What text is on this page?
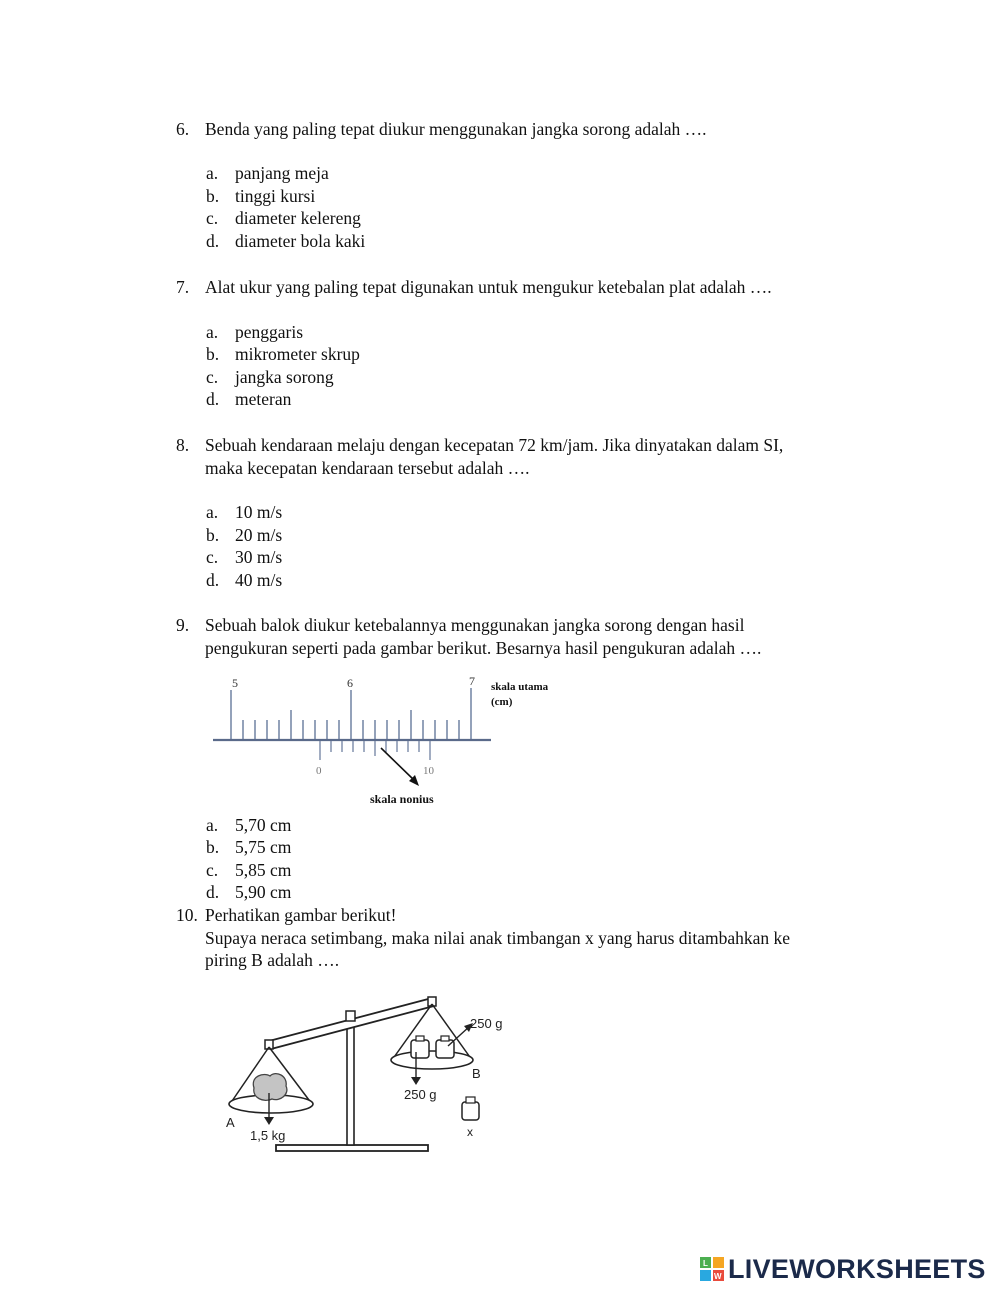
6. Benda yang paling tepat diukur menggunakan jangka sorong adalah ….
a. panjang meja
b. tinggi kursi
c. diameter kelereng
d. diameter bola kaki
7. Alat ukur yang paling tepat digunakan untuk mengukur ketebalan plat adalah ….
a. penggaris
b. mikrometer skrup
c. jangka sorong
d. meteran
8. Sebuah kendaraan melaju dengan kecepatan 72 km/jam. Jika dinyatakan dalam SI,
maka kecepatan kendaraan tersebut adalah ….
a. 10 m/s
b. 20 m/s
c. 30 m/s
d. 40 m/s
9. Sebuah balok diukur ketebalannya menggunakan jangka sorong dengan hasil
pengukuran seperti pada gambar berikut. Besarnya hasil pengukuran adalah ….
5	6	7 skala utama
(cm)
0	10
skala nonius
a. 5,70 cm
b. 5,75 cm
c. 5,85 cm
d. 5,90 cm
10. Perhatikan gambar berikut!
Supaya neraca setimbang, maka nilai anak timbangan x yang harus ditambahkan ke
piring B adalah ….
A
1,5 kg
250 g
250 g
B
x
L
W LIVEWORKSHEETS
